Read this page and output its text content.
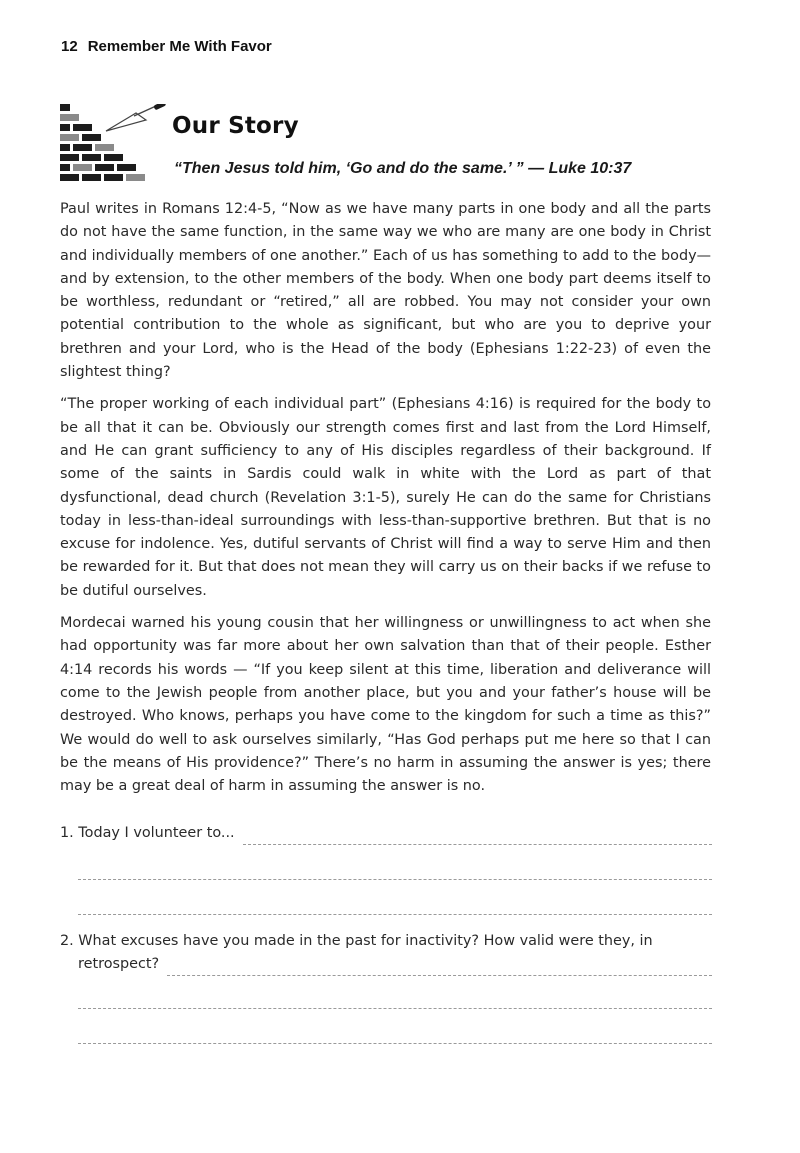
12 Remember Me With Favor
Our Story
“Then Jesus told him, ‘Go and do the same.’ ” — Luke 10:37

Paul writes in Romans 12:4-5, “Now as we have many parts in one body and all the parts do not have the same function, in the same way we who are many are one body in Christ and individually members of one another.” Each of us has something to add to the body—and by extension, to the other members of the body. When one body part deems itself to be worthless, redundant or “retired,” all are robbed. You may not consider your own potential contribution to the whole as significant, but who are you to deprive your brethren and your Lord, who is the Head of the body (Ephesians 1:22-23) of even the slightest thing?

“The proper working of each individual part” (Ephesians 4:16) is required for the body to be all that it can be. Obviously our strength comes first and last from the Lord Himself, and He can grant sufficiency to any of His disciples regardless of their background. If some of the saints in Sardis could walk in white with the Lord as part of that dysfunctional, dead church (Revelation 3:1-5), surely He can do the same for Christians today in less-than-ideal surroundings with less-than-supportive brethren. But that is no excuse for indolence. Yes, dutiful servants of Christ will find a way to serve Him and then be rewarded for it. But that does not mean they will carry us on their backs if we refuse to be dutiful ourselves.

Mordecai warned his young cousin that her willingness or unwillingness to act when she had opportunity was far more about her own salvation than that of their people. Esther 4:14 records his words — “If you keep silent at this time, liberation and deliverance will come to the Jewish people from another place, but you and your father’s house will be destroyed. Who knows, perhaps you have come to the kingdom for such a time as this?” We would do well to ask ourselves similarly, “Has God perhaps put me here so that I can be the means of His providence?” There’s no harm in assuming the answer is yes; there may be a great deal of harm in assuming the answer is no.

1. Today I volunteer to...
2. What excuses have you made in the past for inactivity? How valid were they, in
retrospect?
